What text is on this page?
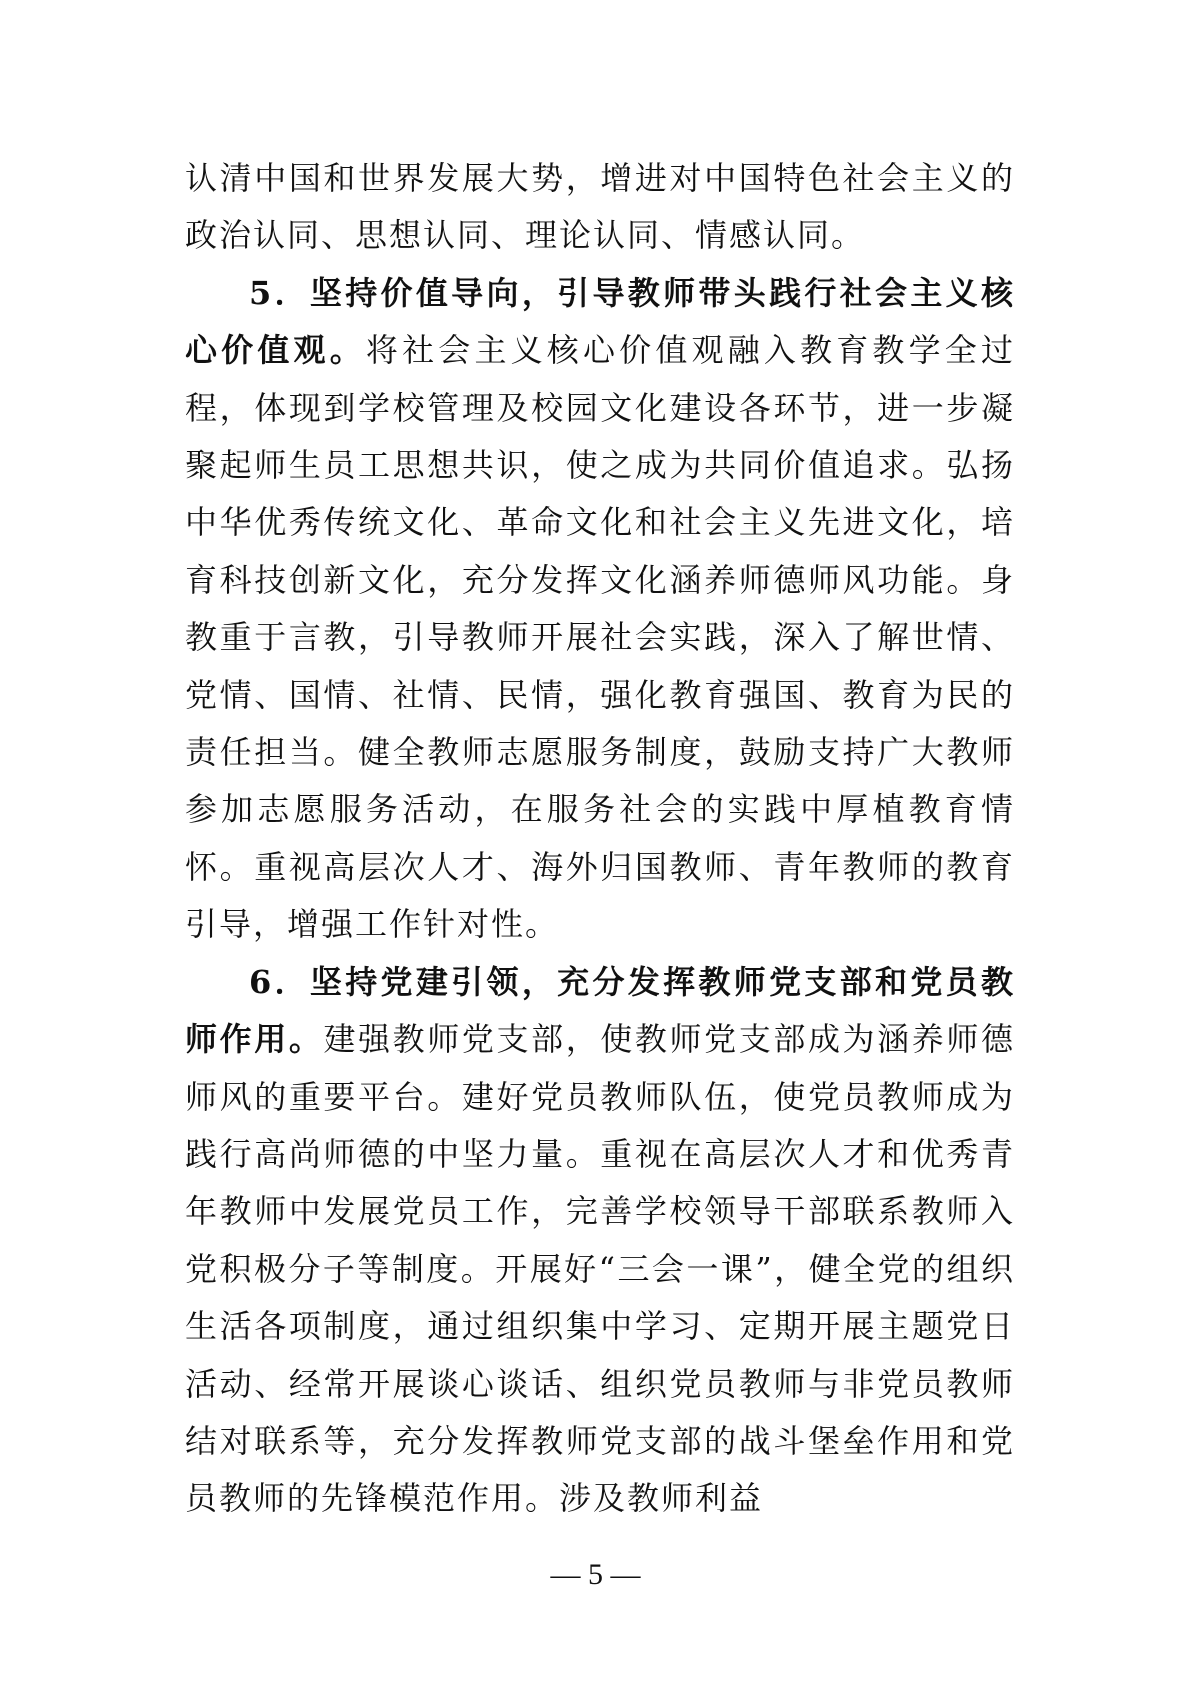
认清中国和世界发展大势，增进对中国特色社会主义的政治认同、思想认同、理论认同、情感认同。

5．坚持价值导向，引导教师带头践行社会主义核心价值观。将社会主义核心价值观融入教育教学全过程，体现到学校管理及校园文化建设各环节，进一步凝聚起师生员工思想共识，使之成为共同价值追求。弘扬中华优秀传统文化、革命文化和社会主义先进文化，培育科技创新文化，充分发挥文化涵养师德师风功能。身教重于言教，引导教师开展社会实践，深入了解世情、党情、国情、社情、民情，强化教育强国、教育为民的责任担当。健全教师志愿服务制度，鼓励支持广大教师参加志愿服务活动，在服务社会的实践中厚植教育情怀。重视高层次人才、海外归国教师、青年教师的教育引导，增强工作针对性。

6．坚持党建引领，充分发挥教师党支部和党员教师作用。建强教师党支部，使教师党支部成为涵养师德师风的重要平台。建好党员教师队伍，使党员教师成为践行高尚师德的中坚力量。重视在高层次人才和优秀青年教师中发展党员工作，完善学校领导干部联系教师入党积极分子等制度。开展好“三会一课”，健全党的组织生活各项制度，通过组织集中学习、定期开展主题党日活动、经常开展谈心谈话、组织党员教师与非党员教师结对联系等，充分发挥教师党支部的战斗堡垒作用和党员教师的先锋模范作用。涉及教师利益

— 5 —
